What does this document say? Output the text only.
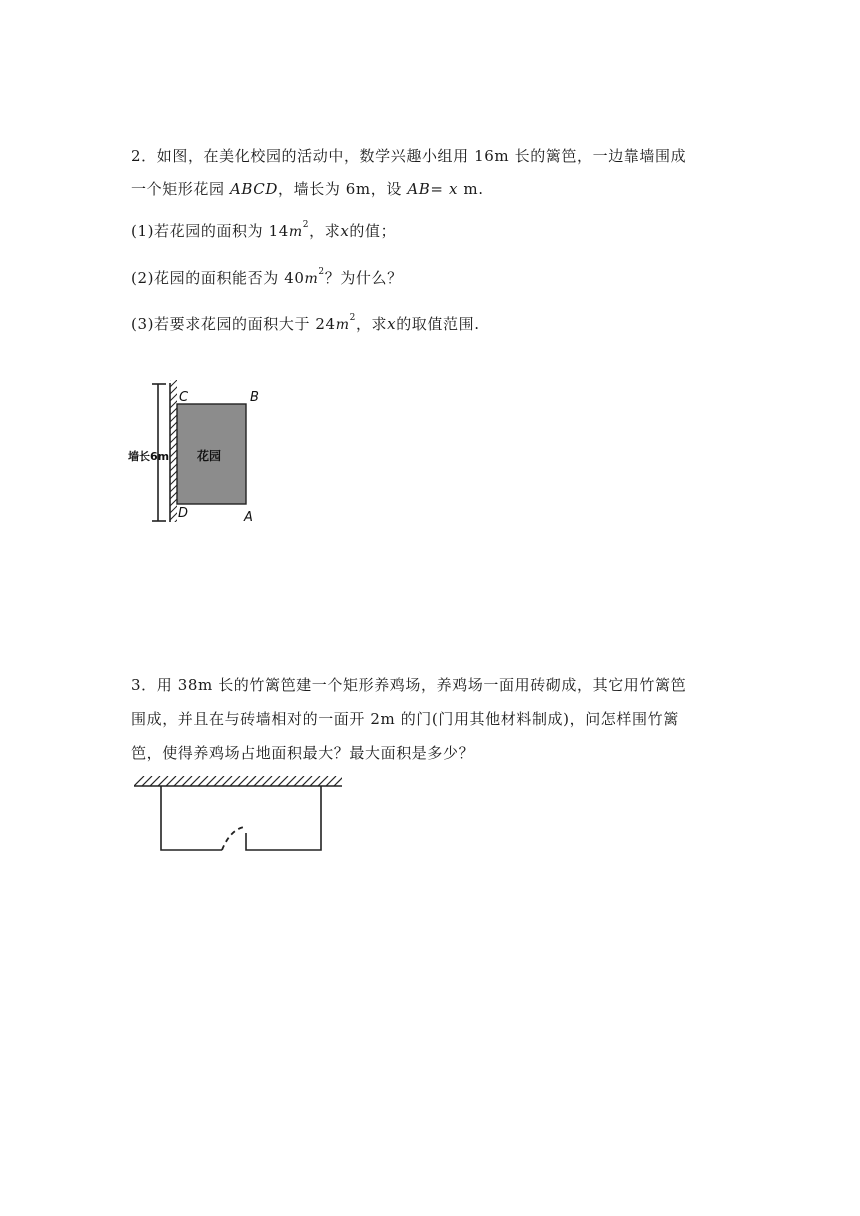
2．如图，在美化校园的活动中，数学兴趣小组用 16m 长的篱笆，一边靠墙围成
一个矩形花园 ABCD，墙长为 6m，设 AB= x m.
(1)若花园的面积为 $14m^2$，求x的值；
(2)花园的面积能否为 $40m^2$？为什么？
(3)若要求花园的面积大于 $24m^2$，求x的取值范围.
墙长6m 花园
C	B
D	A
3．用 38m 长的竹篱笆建一个矩形养鸡场，养鸡场一面用砖砌成，其它用竹篱笆
围成，并且在与砖墙相对的一面开 2m 的门(门用其他材料制成)，问怎样围竹篱
笆，使得养鸡场占地面积最大？最大面积是多少？
